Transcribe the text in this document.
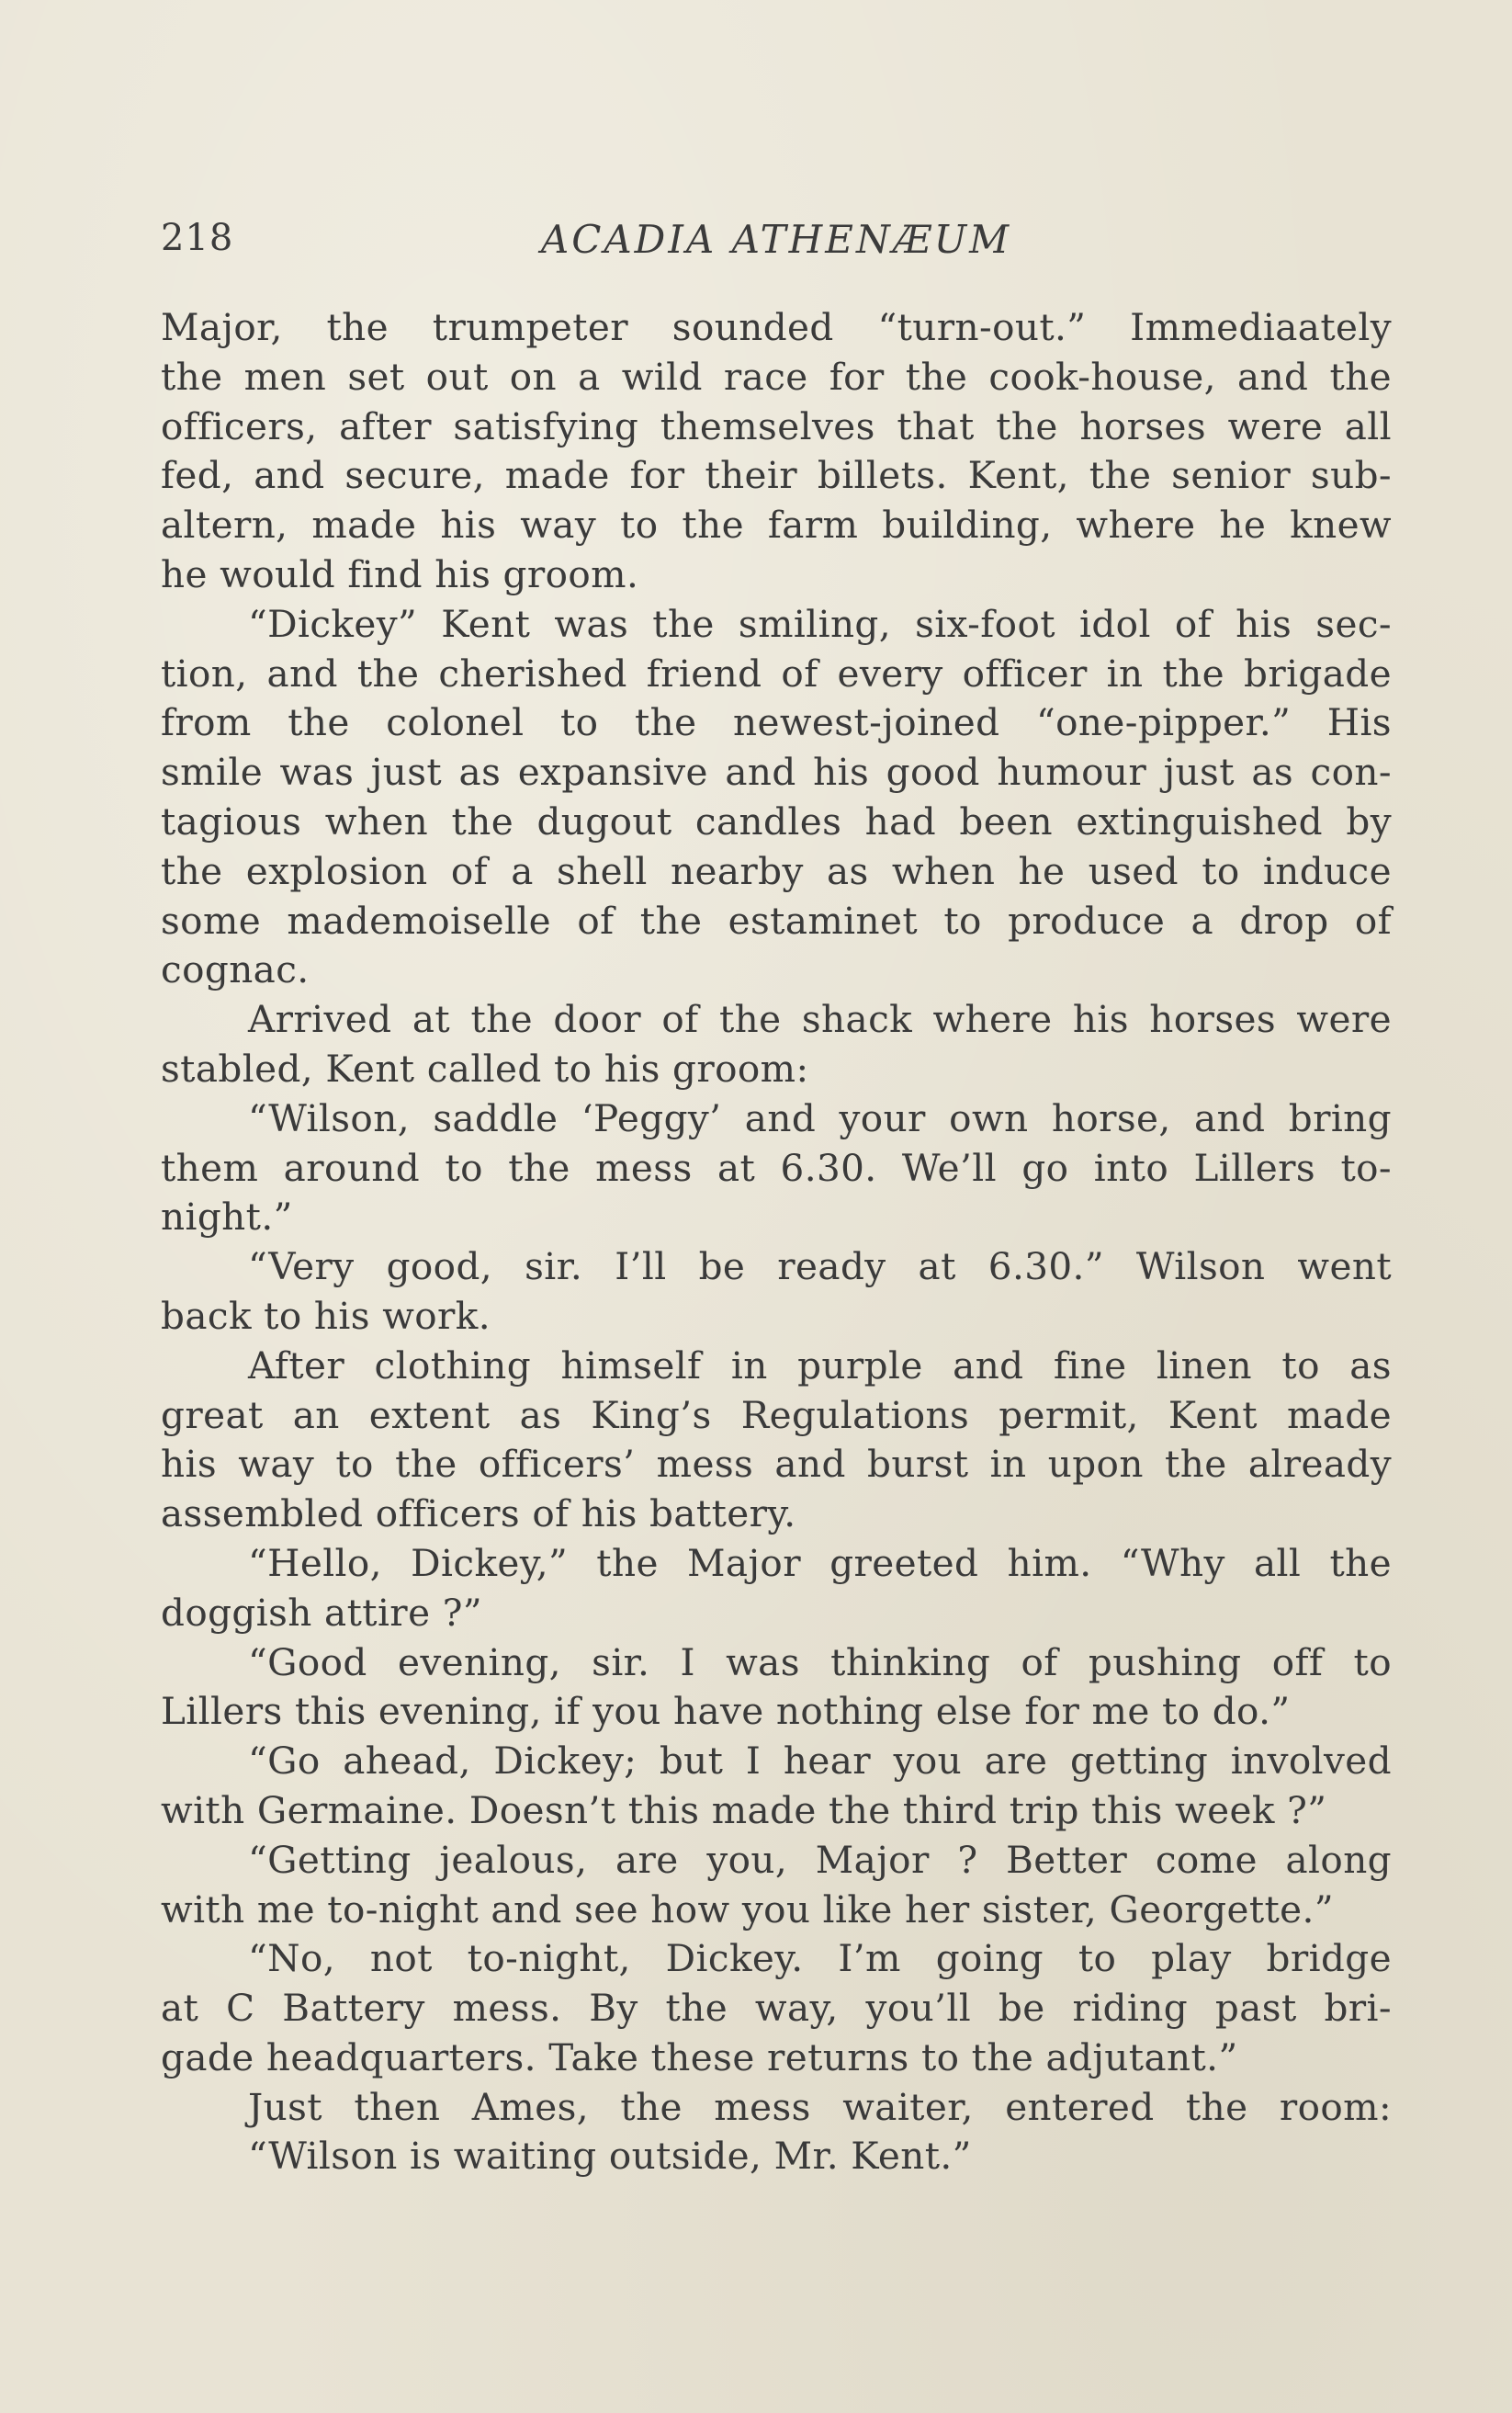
218	ACADIA ATHENÆUM
Major, the trumpeter sounded “turn-out.” Immediaately
the men set out on a wild race for the cook-house, and the
officers, after satisfying themselves that the horses were all
fed, and secure, made for their billets. Kent, the senior sub-
altern, made his way to the farm building, where he knew
he would find his groom.
“Dickey” Kent was the smiling, six-foot idol of his sec-
tion, and the cherished friend of every officer in the brigade
from the colonel to the newest-joined “one-pipper.” His
smile was just as expansive and his good humour just as con-
tagious when the dugout candles had been extinguished by
the explosion of a shell nearby as when he used to induce
some mademoiselle of the estaminet to produce a drop of
cognac.
Arrived at the door of the shack where his horses were
stabled, Kent called to his groom:
“Wilson, saddle ‘Peggy’ and your own horse, and bring
them around to the mess at 6.30. We’ll go into Lillers to-
night.”
“Very good, sir. I’ll be ready at 6.30.” Wilson went
back to his work.
After clothing himself in purple and fine linen to as
great an extent as King’s Regulations permit, Kent made
his way to the officers’ mess and burst in upon the already
assembled officers of his battery.
“Hello, Dickey,” the Major greeted him. “Why all the
doggish attire ?”
“Good evening, sir. I was thinking of pushing off to
Lillers this evening, if you have nothing else for me to do.”
“Go ahead, Dickey; but I hear you are getting involved
with Germaine. Doesn’t this made the third trip this week ?”
“Getting jealous, are you, Major ? Better come along
with me to-night and see how you like her sister, Georgette.”
“No, not to-night, Dickey. I’m going to play bridge
at C Battery mess. By the way, you’ll be riding past bri-
gade headquarters. Take these returns to the adjutant.”
Just then Ames, the mess waiter, entered the room:
“Wilson is waiting outside, Mr. Kent.”
